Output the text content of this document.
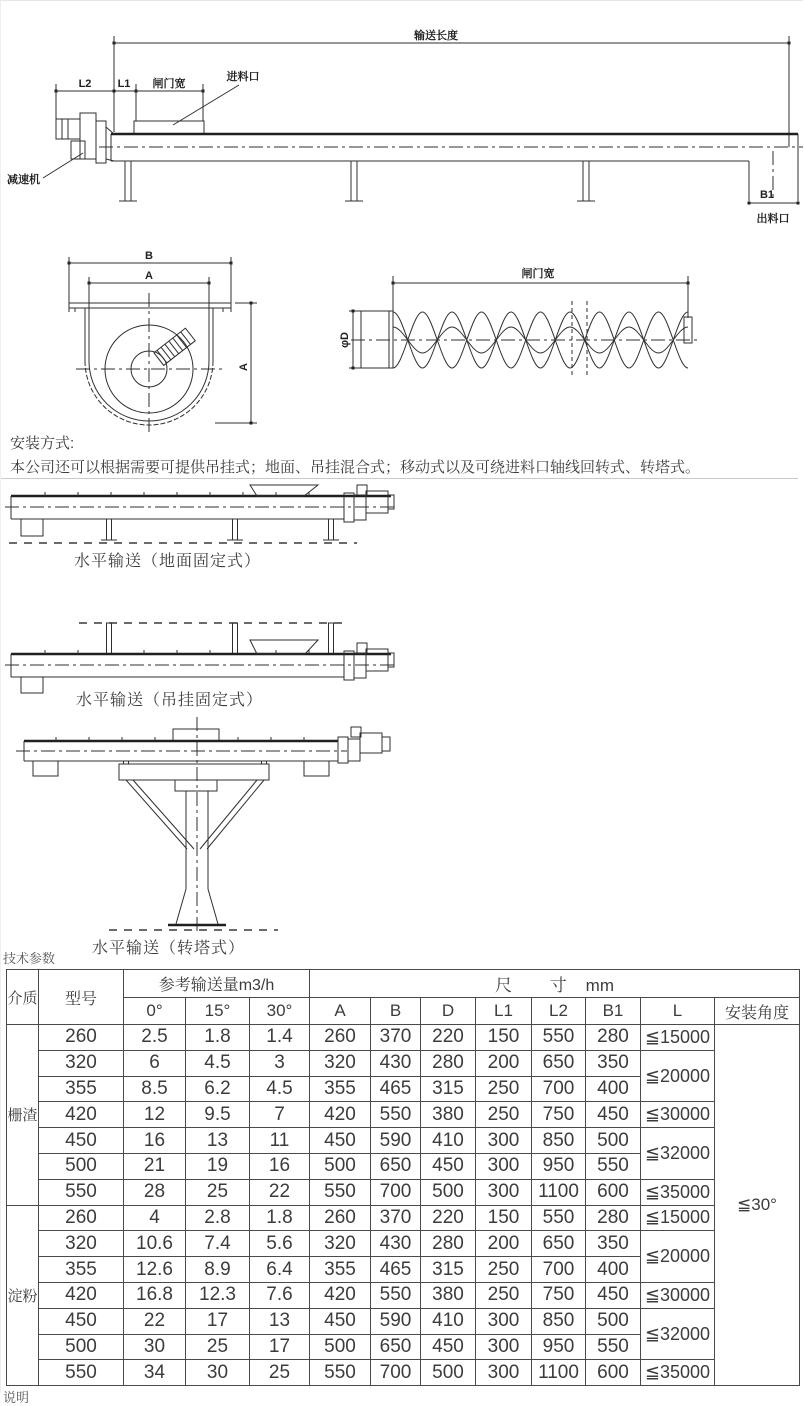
输送长度
L2 L1 闸门宽
进料口
减速机
B1
出料口
B
A
A
闸门宽
φD
安装方式:
本公司还可以根据需要可提供吊挂式；地面、吊挂混合式；移动式以及可绕进料口轴线回转式、转塔式。
水平输送（地面固定式）
水平输送（吊挂固定式）
水平输送（转塔式）
技术参数
介质	型号	参考输送量m3/h			尺        寸    mm							
		0°	15°	30°	A	B	D	L1	L2	B1	L	安装角度
栅渣	260	2.5	1.8	1.4	260	370	220	150	550	280	≦15000	≦30°
	320	6	4.5	3	320	430	280	200	650	350	≦20000	
	355	8.5	6.2	4.5	355	465	315	250	700	400		
	420	12	9.5	7	420	550	380	250	750	450	≦30000	
	450	16	13	11	450	590	410	300	850	500	≦32000	
	500	21	19	16	500	650	450	300	950	550		
	550	28	25	22	550	700	500	300	1100	600	≦35000	
淀粉	260	4	2.8	1.8	260	370	220	150	550	280	≦15000	
	320	10.6	7.4	5.6	320	430	280	200	650	350	≦20000	
	355	12.6	8.9	6.4	355	465	315	250	700	400		
	420	16.8	12.3	7.6	420	550	380	250	750	450	≦30000	
	450	22	17	13	450	590	410	300	850	500	≦32000	
	500	30	25	17	500	650	450	300	950	550		
	550	34	30	25	550	700	500	300	1100	600	≦35000	
说明
